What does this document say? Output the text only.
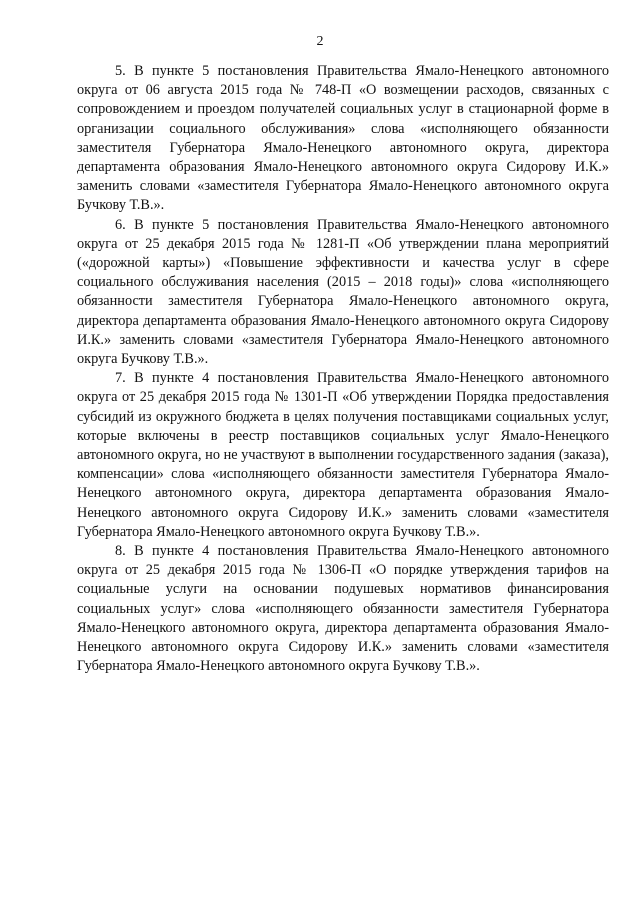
2

5. В пункте 5 постановления Правительства Ямало-Ненецкого автономного округа от 06 августа 2015 года № 748-П «О возмещении расходов, связанных с сопровождением и проездом получателей социальных услуг в стационарной форме в организации социального обслуживания» слова «исполняющего обязанности заместителя Губернатора Ямало-Ненецкого автономного округа, директора департамента образования Ямало-Ненецкого автономного округа Сидорову И.К.» заменить словами «заместителя Губернатора Ямало-Ненецкого автономного округа Бучкову Т.В.».

6. В пункте 5 постановления Правительства Ямало-Ненецкого автономного округа от 25 декабря 2015 года № 1281-П «Об утверждении плана мероприятий («дорожной карты») «Повышение эффективности и качества услуг в сфере социального обслуживания населения (2015 – 2018 годы)» слова «исполняющего обязанности заместителя Губернатора Ямало-Ненецкого автономного округа, директора департамента образования Ямало-Ненецкого автономного округа Сидорову И.К.» заменить словами «заместителя Губернатора Ямало-Ненецкого автономного округа Бучкову Т.В.».

7. В пункте 4 постановления Правительства Ямало-Ненецкого автономного округа от 25 декабря 2015 года № 1301-П «Об утверждении Порядка предоставления субсидий из окружного бюджета в целях получения поставщиками социальных услуг, которые включены в реестр поставщиков социальных услуг Ямало-Ненецкого автономного округа, но не участвуют в выполнении государственного задания (заказа), компенсации» слова «исполняющего обязанности заместителя Губернатора Ямало-Ненецкого автономного округа, директора департамента образования Ямало-Ненецкого автономного округа Сидорову И.К.» заменить словами «заместителя Губернатора Ямало-Ненецкого автономного округа Бучкову Т.В.».

8. В пункте 4 постановления Правительства Ямало-Ненецкого автономного округа от 25 декабря 2015 года № 1306-П «О порядке утверждения тарифов на социальные услуги на основании подушевых нормативов финансирования социальных услуг» слова «исполняющего обязанности заместителя Губернатора Ямало-Ненецкого автономного округа, директора департамента образования Ямало-Ненецкого автономного округа Сидорову И.К.» заменить словами «заместителя Губернатора Ямало-Ненецкого автономного округа Бучкову Т.В.».
